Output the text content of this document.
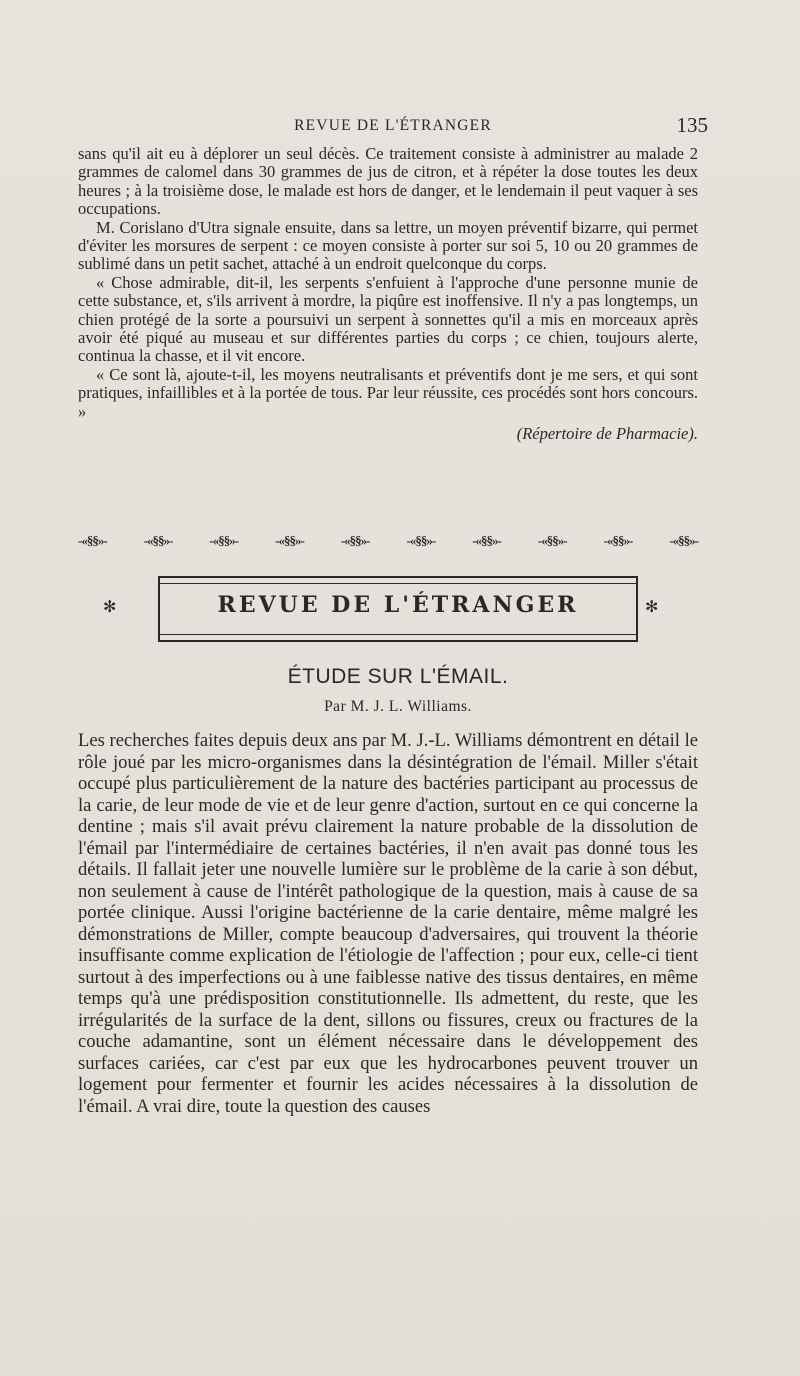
REVUE DE L'ÉTRANGER	135

sans qu'il ait eu à déplorer un seul décès. Ce traitement consiste à administrer au malade 2 grammes de calomel dans 30 grammes de jus de citron, et à répéter la dose toutes les deux heures ; à la troisième dose, le malade est hors de danger, et le lendemain il peut vaquer à ses occupations.

M. Corislano d'Utra signale ensuite, dans sa lettre, un moyen préventif bizarre, qui permet d'éviter les morsures de serpent : ce moyen consiste à porter sur soi 5, 10 ou 20 grammes de sublimé dans un petit sachet, attaché à un endroit quelconque du corps.

« Chose admirable, dit-il, les serpents s'enfuient à l'approche d'une personne munie de cette substance, et, s'ils arrivent à mordre, la piqûre est inoffensive. Il n'y a pas longtemps, un chien protégé de la sorte a poursuivi un serpent à sonnettes qu'il a mis en morceaux après avoir été piqué au museau et sur différentes parties du corps ; ce chien, toujours alerte, continua la chasse, et il vit encore.

« Ce sont là, ajoute-t-il, les moyens neutralisants et préventifs dont je me sers, et qui sont pratiques, infaillibles et à la portée de tous. Par leur réussite, ces procédés sont hors concours. »

(Répertoire de Pharmacie).

-«§§»-	-«§§»-	-«§§»-	-«§§»-	-«§§»-	-«§§»-	-«§§»-	-«§§»-	-«§§»-	-«§§»-
✻	REVUE DE L'ÉTRANGER	✻
ÉTUDE SUR L'ÉMAIL.
Par M. J. L. Williams.

Les recherches faites depuis deux ans par M. J.-L. Williams démontrent en détail le rôle joué par les micro-organismes dans la désintégration de l'émail. Miller s'était occupé plus particulièrement de la nature des bactéries participant au processus de la carie, de leur mode de vie et de leur genre d'action, surtout en ce qui concerne la dentine ; mais s'il avait prévu clairement la nature probable de la dissolution de l'émail par l'intermédiaire de certaines bactéries, il n'en avait pas donné tous les détails. Il fallait jeter une nouvelle lumière sur le problème de la carie à son début, non seulement à cause de l'intérêt pathologique de la question, mais à cause de sa portée clinique. Aussi l'origine bactérienne de la carie dentaire, même malgré les démonstrations de Miller, compte beaucoup d'adversaires, qui trouvent la théorie insuffisante comme explication de l'étiologie de l'affection ; pour eux, celle-ci tient surtout à des imperfections ou à une faiblesse native des tissus dentaires, en même temps qu'à une prédisposition constitutionnelle. Ils admettent, du reste, que les irrégularités de la surface de la dent, sillons ou fissures, creux ou fractures de la couche adamantine, sont un élément nécessaire dans le développement des surfaces cariées, car c'est par eux que les hydrocarbones peuvent trouver un logement pour fermenter et fournir les acides nécessaires à la dissolution de l'émail. A vrai dire, toute la question des causes
